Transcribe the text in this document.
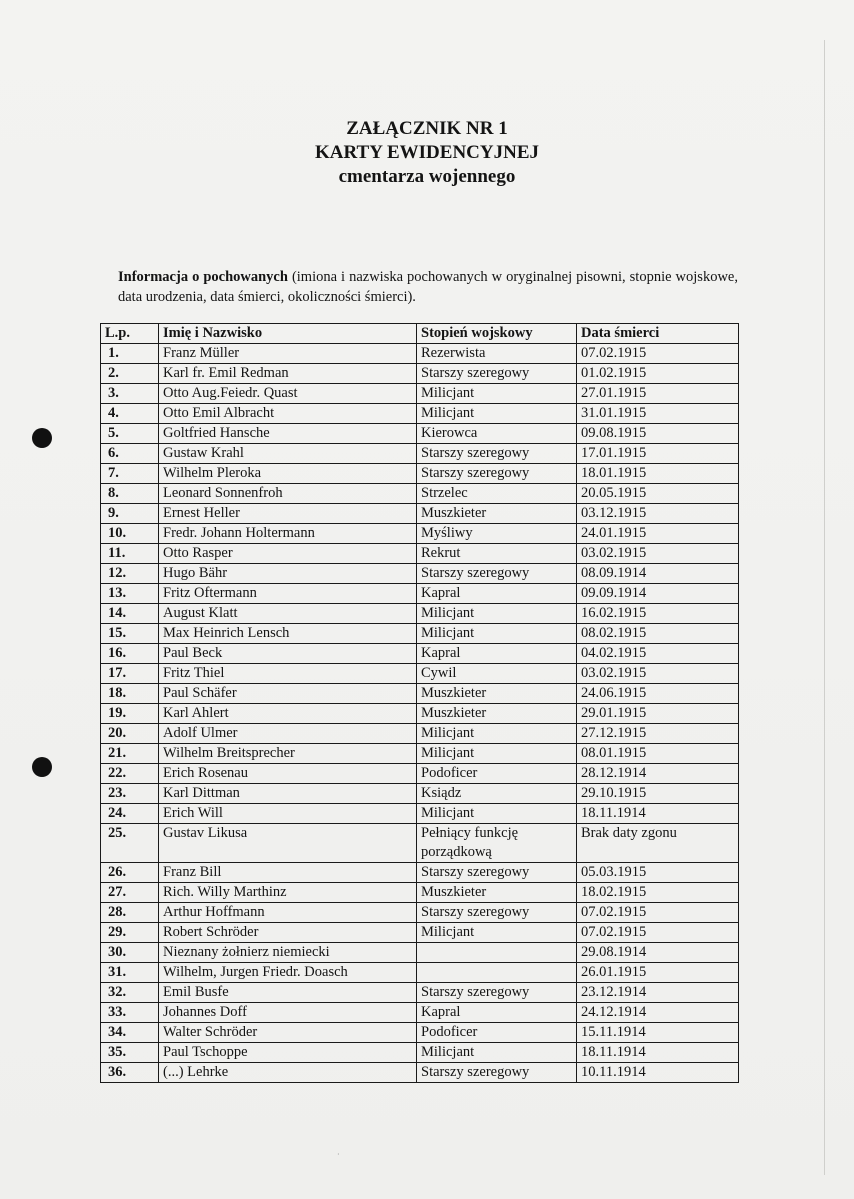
ZAŁĄCZNIK NR 1
KARTY EWIDENCYJNEJ
cmentarza wojennego
Informacja o pochowanych (imiona i nazwiska pochowanych w oryginalnej pisowni, stopnie wojskowe, data urodzenia, data śmierci, okoliczności śmierci).
L.p.	Imię i Nazwisko	Stopień wojskowy	Data śmierci
1.	Franz Müller	Rezerwista	07.02.1915
2.	Karl fr. Emil Redman	Starszy szeregowy	01.02.1915
3.	Otto Aug.Feiedr. Quast	Milicjant	27.01.1915
4.	Otto Emil Albracht	Milicjant	31.01.1915
5.	Goltfried Hansche	Kierowca	09.08.1915
6.	Gustaw Krahl	Starszy szeregowy	17.01.1915
7.	Wilhelm Pleroka	Starszy szeregowy	18.01.1915
8.	Leonard Sonnenfroh	Strzelec	20.05.1915
9.	Ernest Heller	Muszkieter	03.12.1915
10.	Fredr. Johann Holtermann	Myśliwy	24.01.1915
11.	Otto Rasper	Rekrut	03.02.1915
12.	Hugo Bähr	Starszy szeregowy	08.09.1914
13.	Fritz Oftermann	Kapral	09.09.1914
14.	August Klatt	Milicjant	16.02.1915
15.	Max Heinrich Lensch	Milicjant	08.02.1915
16.	Paul Beck	Kapral	04.02.1915
17.	Fritz Thiel	Cywil	03.02.1915
18.	Paul Schäfer	Muszkieter	24.06.1915
19.	Karl Ahlert	Muszkieter	29.01.1915
20.	Adolf Ulmer	Milicjant	27.12.1915
21.	Wilhelm Breitsprecher	Milicjant	08.01.1915
22.	Erich Rosenau	Podoficer	28.12.1914
23.	Karl Dittman	Ksiądz	29.10.1915
24.	Erich Will	Milicjant	18.11.1914
25.	Gustav Likusa	Pełniący funkcję porządkową	Brak daty zgonu
26.	Franz Bill	Starszy szeregowy	05.03.1915
27.	Rich. Willy Marthinz	Muszkieter	18.02.1915
28.	Arthur Hoffmann	Starszy szeregowy	07.02.1915
29.	Robert Schröder	Milicjant	07.02.1915
30.	Nieznany żołnierz niemiecki		29.08.1914
31.	Wilhelm, Jurgen Friedr. Doasch		26.01.1915
32.	Emil Busfe	Starszy szeregowy	23.12.1914
33.	Johannes Doff	Kapral	24.12.1914
34.	Walter Schröder	Podoficer	15.11.1914
35.	Paul Tschoppe	Milicjant	18.11.1914
36.	(...) Lehrke	Starszy szeregowy	10.11.1914
·
